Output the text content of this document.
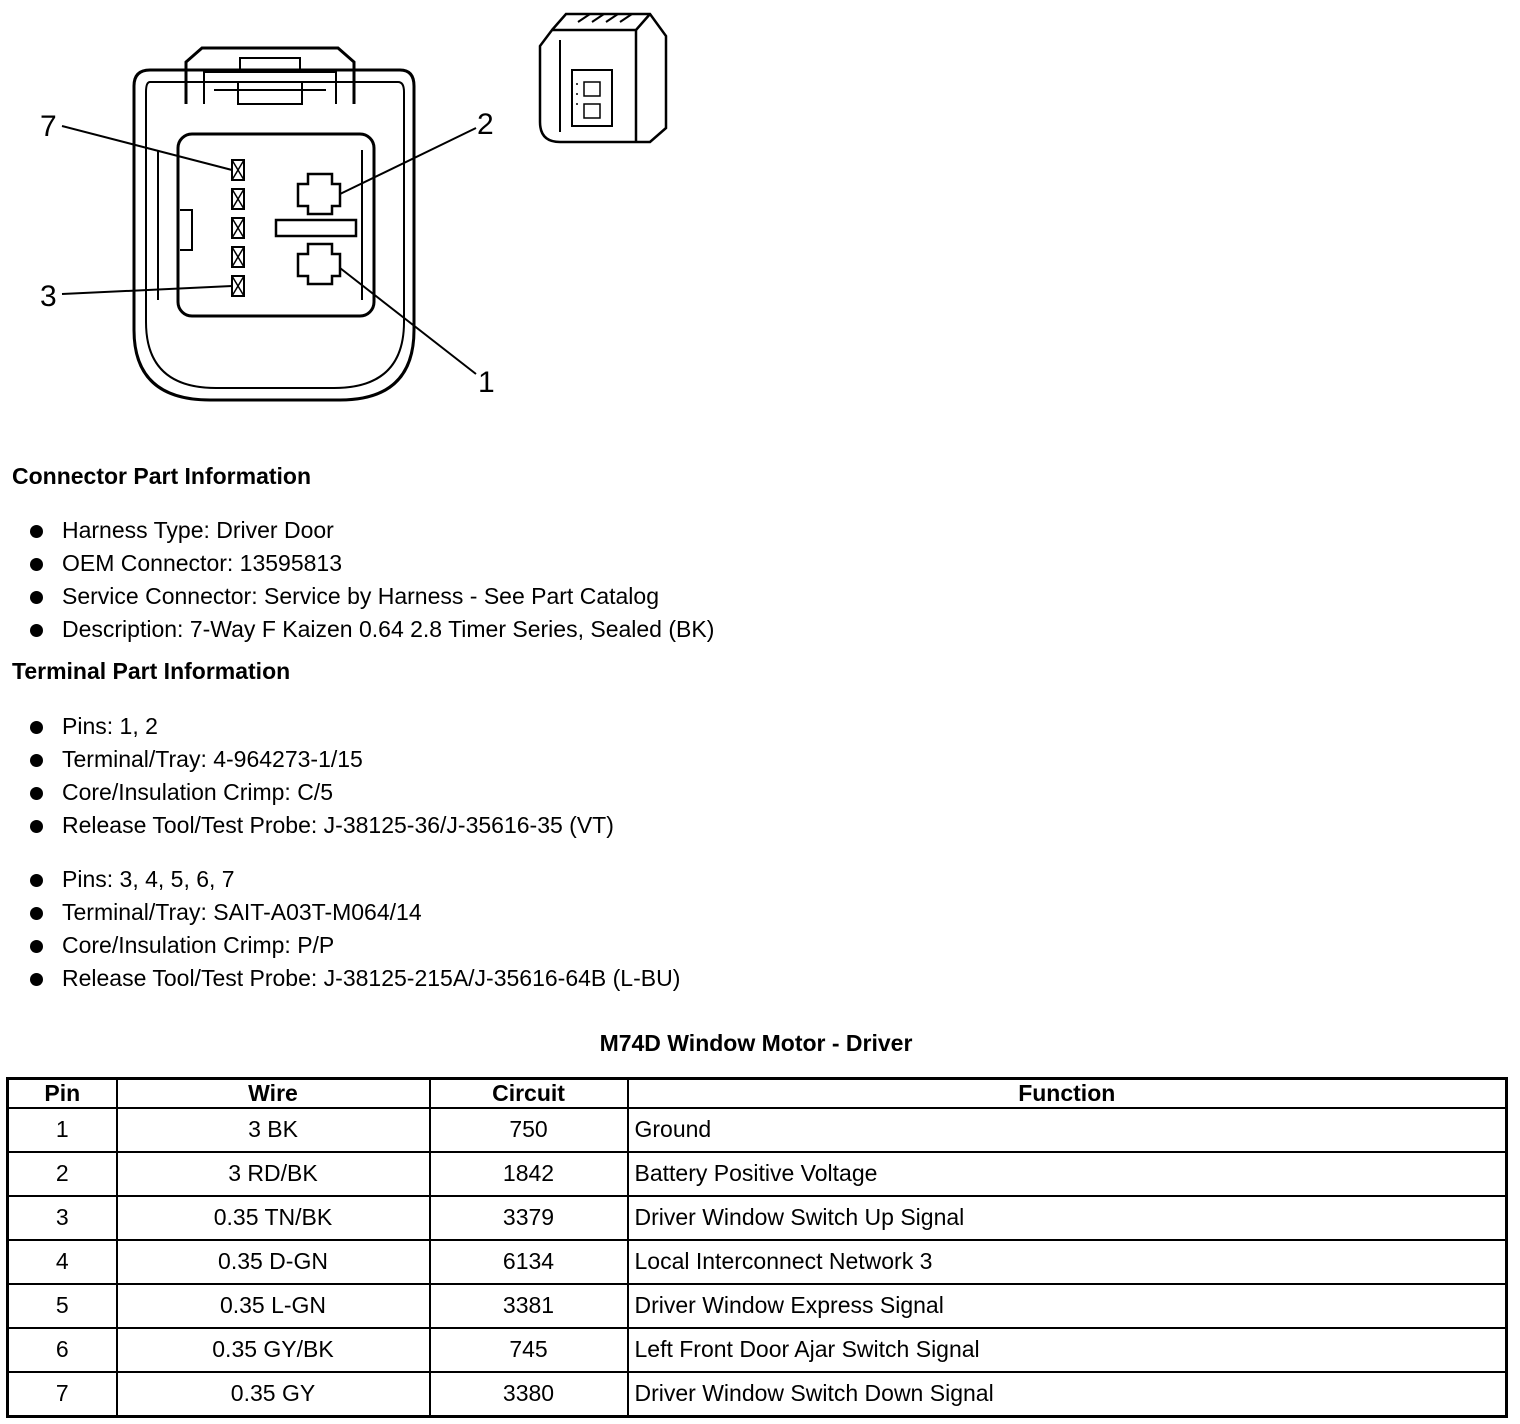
7	2
3
1
Connector Part Information
Harness Type: Driver Door
OEM Connector: 13595813
Service Connector: Service by Harness - See Part Catalog
Description: 7-Way F Kaizen 0.64 2.8 Timer Series, Sealed (BK)
Terminal Part Information
Pins: 1, 2
Terminal/Tray: 4-964273-1/15
Core/Insulation Crimp: C/5
Release Tool/Test Probe: J-38125-36/J-35616-35 (VT)
Pins: 3, 4, 5, 6, 7
Terminal/Tray: SAIT-A03T-M064/14
Core/Insulation Crimp: P/P
Release Tool/Test Probe: J-38125-215A/J-35616-64B (L-BU)
M74D Window Motor - Driver
Pin	Wire	Circuit	Function
1	3 BK	750	Ground
2	3 RD/BK	1842	Battery Positive Voltage
3	0.35 TN/BK	3379	Driver Window Switch Up Signal
4	0.35 D-GN	6134	Local Interconnect Network 3
5	0.35 L-GN	3381	Driver Window Express Signal
6	0.35 GY/BK	745	Left Front Door Ajar Switch Signal
7	0.35 GY	3380	Driver Window Switch Down Signal
